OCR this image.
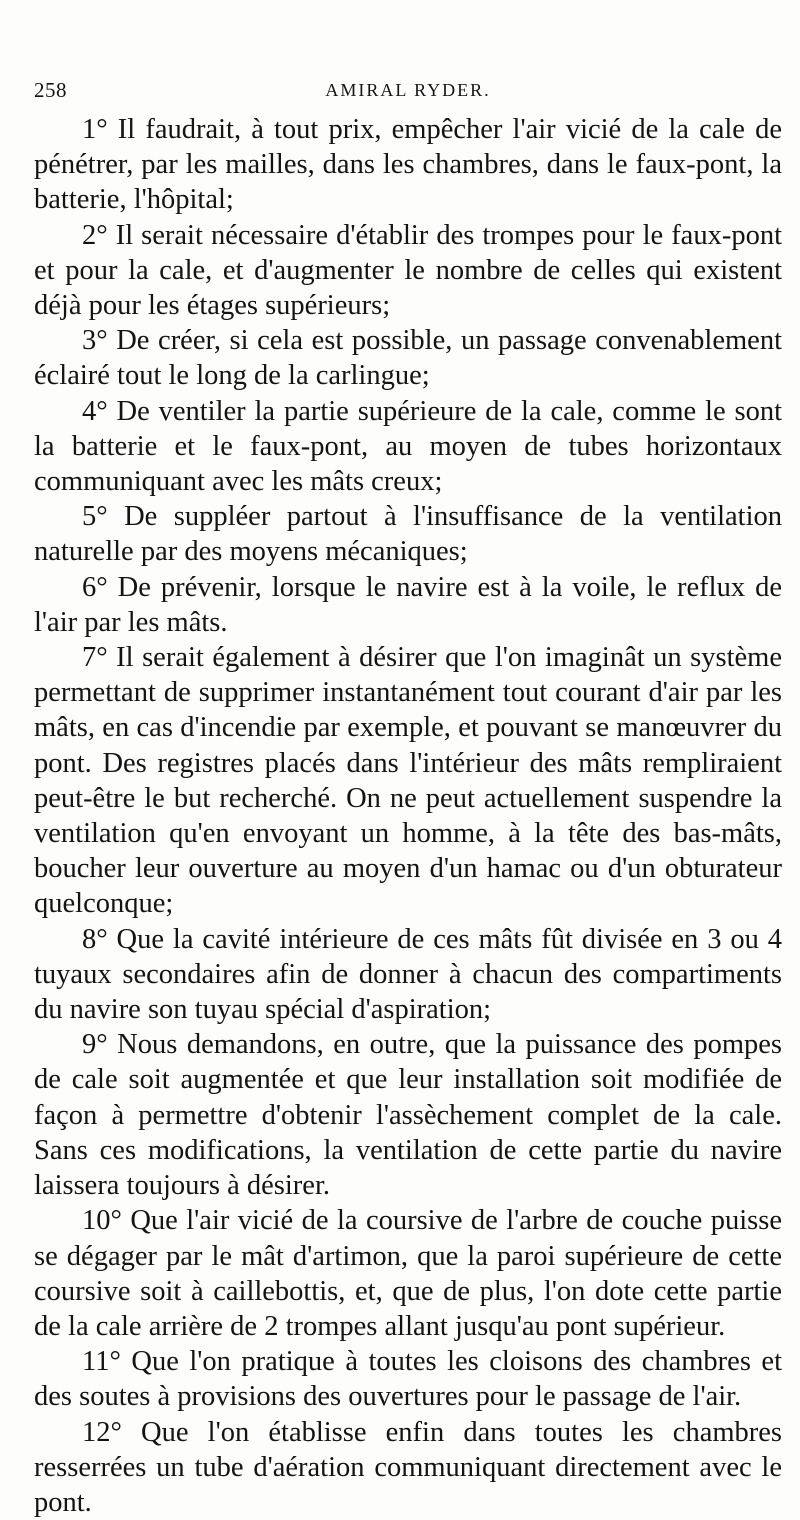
258	AMIRAL RYDER.

1° Il faudrait, à tout prix, empêcher l'air vicié de la cale de pénétrer, par les mailles, dans les chambres, dans le faux-pont, la batterie, l'hôpital;

2° Il serait nécessaire d'établir des trompes pour le faux-pont et pour la cale, et d'augmenter le nombre de celles qui existent déjà pour les étages supérieurs;

3° De créer, si cela est possible, un passage convenablement éclairé tout le long de la carlingue;

4° De ventiler la partie supérieure de la cale, comme le sont la batterie et le faux-pont, au moyen de tubes horizontaux communiquant avec les mâts creux;

5° De suppléer partout à l'insuffisance de la ventilation naturelle par des moyens mécaniques;

6° De prévenir, lorsque le navire est à la voile, le reflux de l'air par les mâts.

7° Il serait également à désirer que l'on imaginât un système permettant de supprimer instantanément tout courant d'air par les mâts, en cas d'incendie par exemple, et pouvant se manœuvrer du pont. Des registres placés dans l'intérieur des mâts rempliraient peut-être le but recherché. On ne peut actuellement suspendre la ventilation qu'en envoyant un homme, à la tête des bas-mâts, boucher leur ouverture au moyen d'un hamac ou d'un obturateur quelconque;

8° Que la cavité intérieure de ces mâts fût divisée en 3 ou 4 tuyaux secondaires afin de donner à chacun des compartiments du navire son tuyau spécial d'aspiration;

9° Nous demandons, en outre, que la puissance des pompes de cale soit augmentée et que leur installation soit modifiée de façon à permettre d'obtenir l'assèchement complet de la cale. Sans ces modifications, la ventilation de cette partie du navire laissera toujours à désirer.

10° Que l'air vicié de la coursive de l'arbre de couche puisse se dégager par le mât d'artimon, que la paroi supérieure de cette coursive soit à caillebottis, et, que de plus, l'on dote cette partie de la cale arrière de 2 trompes allant jusqu'au pont supérieur.

11° Que l'on pratique à toutes les cloisons des chambres et des soutes à provisions des ouvertures pour le passage de l'air.

12° Que l'on établisse enfin dans toutes les chambres resserrées un tube d'aération communiquant directement avec le pont.
